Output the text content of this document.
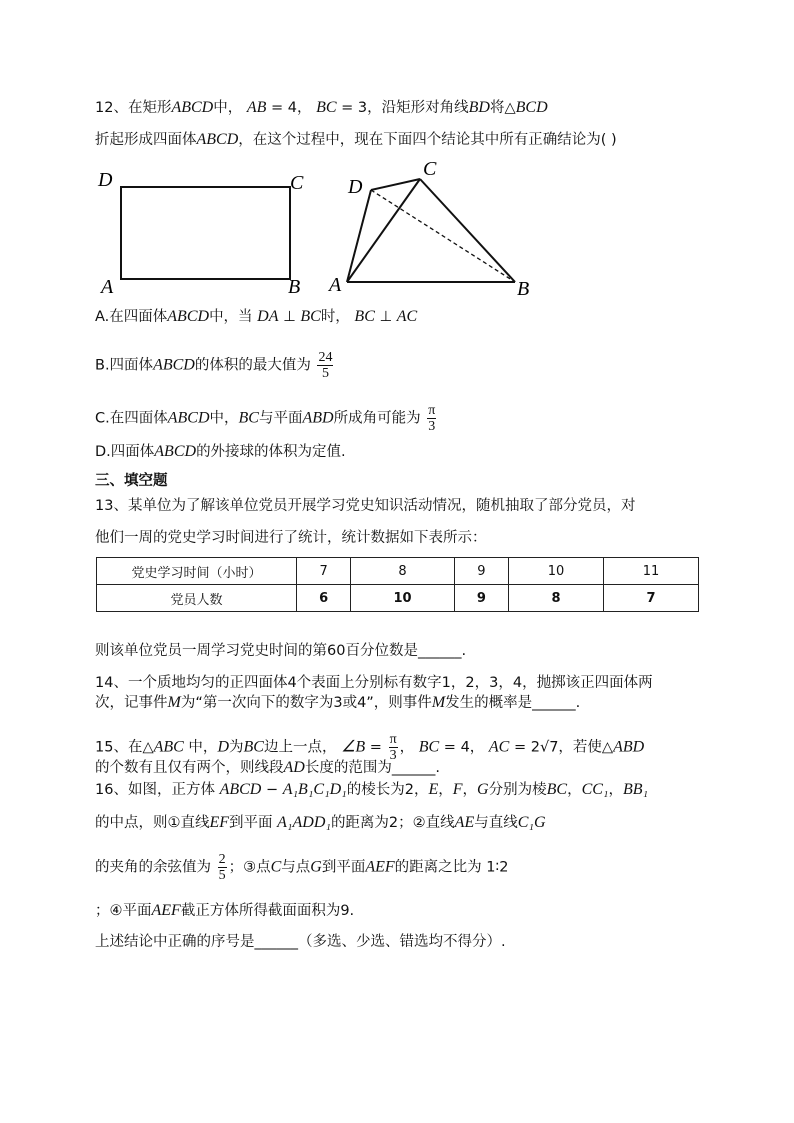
12、在矩形ABCD中， AB = 4， BC = 3，沿矩形对角线BD将△BCD
折起形成四面体ABCD，在这个过程中，现在下面四个结论其中所有正确结论为( )
D	C
A	B
D
C
A	B
A.在四面体ABCD中，当 DA ⊥ BC时， BC ⊥ AC
B.四面体ABCD的体积的最大值为 $\frac{24}{5}$
C.在四面体ABCD中，BC与平面ABD所成角可能为 $\frac{\pi}{3}$
D.四面体ABCD的外接球的体积为定值.
三、填空题
13、某单位为了解该单位党员开展学习党史知识活动情况，随机抽取了部分党员，对
他们一周的党史学习时间进行了统计，统计数据如下表所示：
党史学习时间（小时）	7	8	9	10	11
党员人数	6	10	9	8	7
则该单位党员一周学习党史时间的第60百分位数是______.
14、一个质地均匀的正四面体4个表面上分别标有数字1，2，3，4，抛掷该正四面体两
次，记事件M为“第一次向下的数字为3或4”，则事件M发生的概率是______.
15、在△ABC 中，D为BC边上一点， ∠B = $\frac{\pi}{3}$ ， BC = 4， AC = 2√7，若使△ABD
的个数有且仅有两个，则线段AD长度的范围为______.
16、如图，正方体 ABCD − A₁B₁C₁D₁的棱长为2，E，F，G分别为棱BC，CC₁，BB₁
的中点，则①直线EF到平面 A₁ADD₁的距离为2；②直线AE与直线C₁G
的夹角的余弦值为 $\frac{2}{5}$ ；③点C与点G到平面AEF的距离之比为 1∶2
；④平面AEF截正方体所得截面面积为9.
上述结论中正确的序号是______（多选、少选、错选均不得分）.
